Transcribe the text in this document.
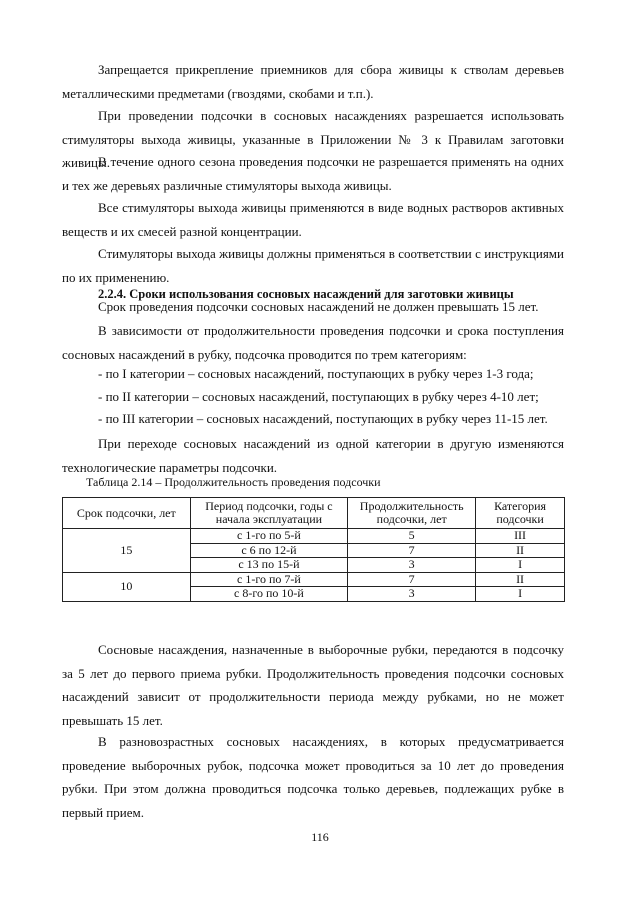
Запрещается прикрепление приемников для сбора живицы к стволам деревьев металлическими предметами (гвоздями, скобами и т.п.).

При проведении подсочки в сосновых насаждениях разрешается использовать стимуляторы выхода живицы, указанные в Приложении № 3 к Правилам заготовки живицы.

В течение одного сезона проведения подсочки не разрешается применять на одних и тех же деревьях различные стимуляторы выхода живицы.

Все стимуляторы выхода живицы применяются в виде водных растворов активных веществ и их смесей разной концентрации.

Стимуляторы выхода живицы должны применяться в соответствии с инструкциями по их применению.

2.2.4. Сроки использования сосновых насаждений для заготовки живицы

Срок проведения подсочки сосновых насаждений не должен превышать 15 лет.

В зависимости от продолжительности проведения подсочки и срока поступления сосновых насаждений в рубку, подсочка проводится по трем категориям:

- по I категории – сосновых насаждений, поступающих в рубку через 1-3 года;

- по II категории – сосновых насаждений, поступающих в рубку через 4-10 лет;

- по III категории – сосновых насаждений, поступающих в рубку через 11-15 лет.

При переходе сосновых насаждений из одной категории в другую изменяются технологические параметры подсочки.

Таблица 2.14 – Продолжительность проведения подсочки

Срок подсочки, лет	Период подсочки, годы с начала эксплуатации	Продолжительность подсочки, лет	Категория подсочки
15	с 1-го по 5-й	5	III
	с 6 по 12-й	7	II
	с 13 по 15-й	3	I
10	с 1-го по 7-й	7	II
	с 8-го по 10-й	3	I

Сосновые насаждения, назначенные в выборочные рубки, передаются в подсочку за 5 лет до первого приема рубки. Продолжительность проведения подсочки сосновых насаждений зависит от продолжительности периода между рубками, но не может превышать 15 лет.

В разновозрастных сосновых насаждениях, в которых предусматривается проведение выборочных рубок, подсочка может проводиться за 10 лет до проведения рубки. При этом должна проводиться подсочка только деревьев, подлежащих рубке в первый прием.

116
